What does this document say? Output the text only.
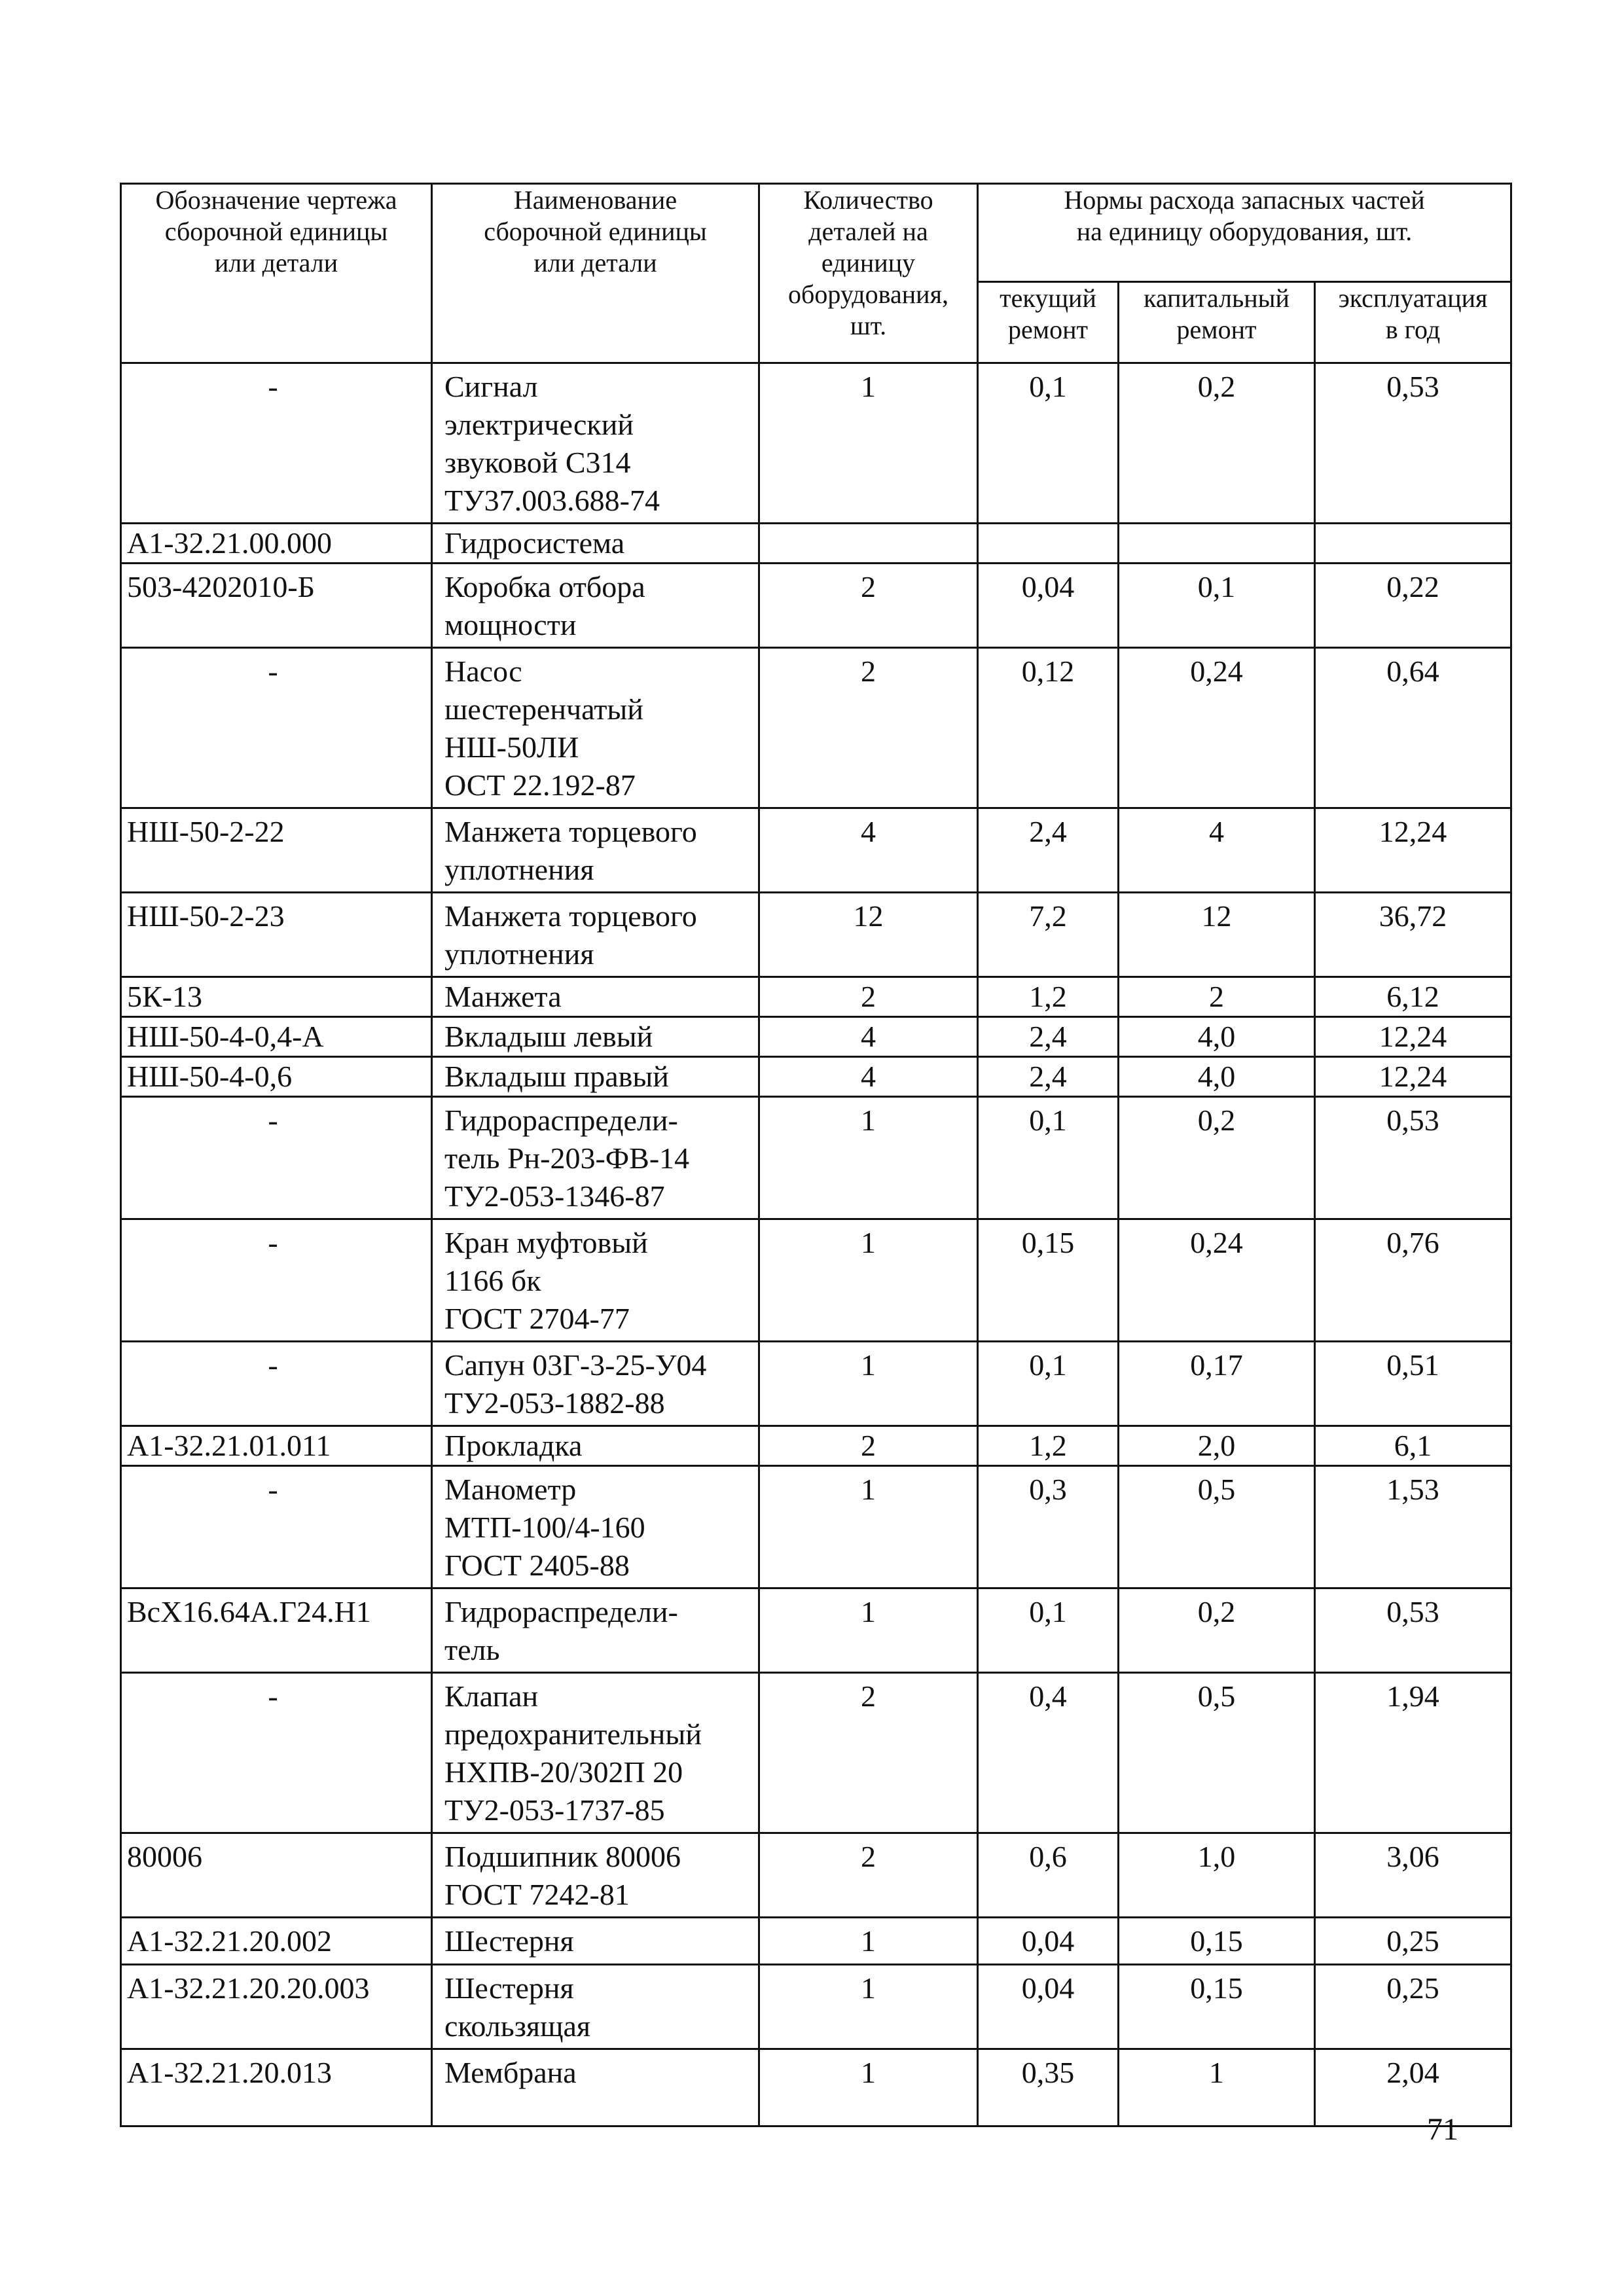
Обозначение чертежа
сборочной единицы
или детали	Наименование
сборочной единицы
или детали	Количество
деталей на
единицу
оборудования,
шт.	Нормы расхода запасных частей
на единицу оборудования, шт.		

			текущий
ремонт	капитальный
ремонт	эксплуатация
в год

-	Сигнал
электрический
звуковой С314
ТУ37.003.688-74	1	0,1	0,2	0,53

А1-32.21.00.000	Гидросистема				

503-4202010-Б	Коробка отбора
мощности	2	0,04	0,1	0,22

-	Насос
шестеренчатый
НШ-50ЛИ
ОСТ 22.192-87	2	0,12	0,24	0,64

НШ-50-2-22	Манжета торцевого
уплотнения	4	2,4	4	12,24

НШ-50-2-23	Манжета торцевого
уплотнения	12	7,2	12	36,72

5К-13	Манжета	2	1,2	2	6,12

НШ-50-4-0,4-А	Вкладыш левый	4	2,4	4,0	12,24

НШ-50-4-0,6	Вкладыш правый	4	2,4	4,0	12,24

-	Гидрораспредели-
тель Рн-203-ФВ-14
ТУ2-053-1346-87	1	0,1	0,2	0,53

-	Кран муфтовый
1166 бк
ГОСТ 2704-77	1	0,15	0,24	0,76

-	Сапун 03Г-3-25-У04
ТУ2-053-1882-88	1	0,1	0,17	0,51

А1-32.21.01.011	Прокладка	2	1,2	2,0	6,1

-	Манометр
МТП-100/4-160
ГОСТ 2405-88	1	0,3	0,5	1,53

ВсХ16.64А.Г24.Н1	Гидрораспредели-
тель	1	0,1	0,2	0,53

-	Клапан
предохранительный
НХПВ-20/302П 20
ТУ2-053-1737-85	2	0,4	0,5	1,94

80006	Подшипник 80006
ГОСТ 7242-81	2	0,6	1,0	3,06

А1-32.21.20.002	Шестерня	1	0,04	0,15	0,25

А1-32.21.20.20.003	Шестерня
скользящая	1	0,04	0,15	0,25

А1-32.21.20.013	Мембрана	1	0,35	1	2,04
71
